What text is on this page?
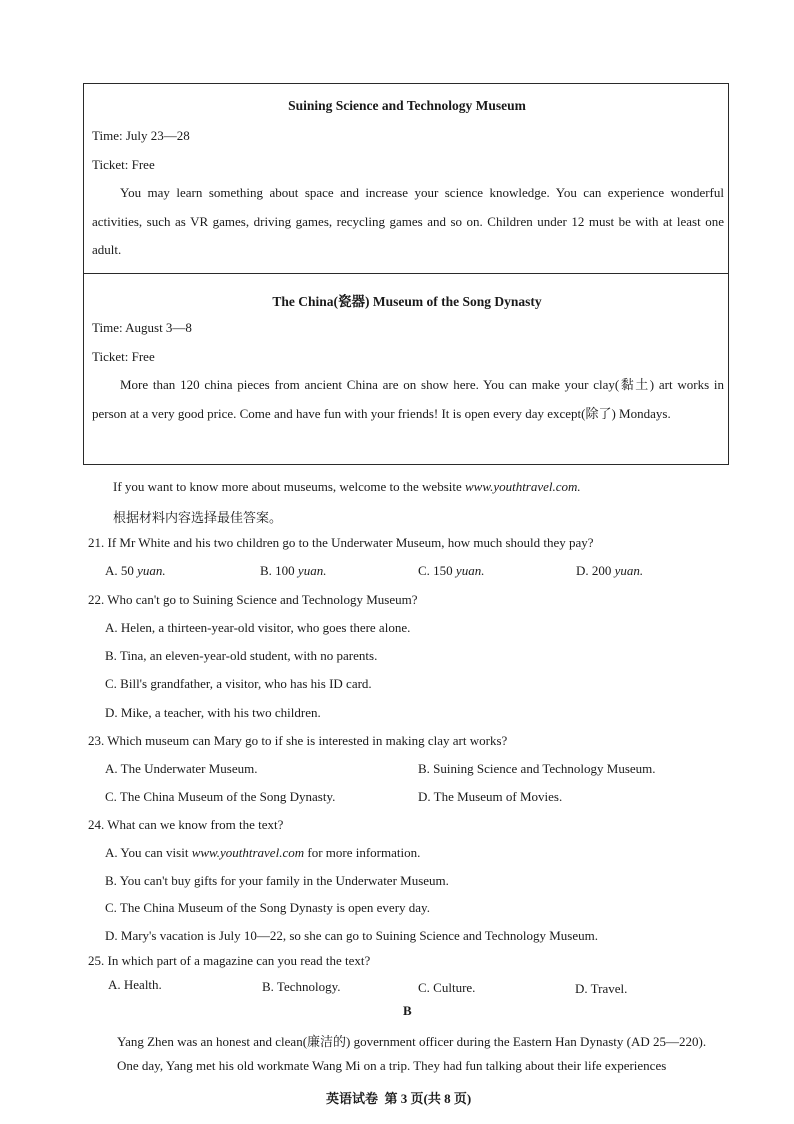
Suining Science and Technology Museum
Time: July 23—28
Ticket: Free
You may learn something about space and increase your science knowledge. You can experience wonderful activities, such as VR games, driving games, recycling games and so on. Children under 12 must be with at least one adult.
The China(瓷器) Museum of the Song Dynasty
Time: August 3—8
Ticket: Free
More than 120 china pieces from ancient China are on show here. You can make your clay(黏土) art works in person at a very good price. Come and have fun with your friends! It is open every day except(除了) Mondays.
If you want to know more about museums, welcome to the website www.youthtravel.com.
根据材料内容选择最佳答案。
21. If Mr White and his two children go to the Underwater Museum, how much should they pay?
A. 50 yuan.	B. 100 yuan.	C. 150 yuan.	D. 200 yuan.
22. Who can't go to Suining Science and Technology Museum?
A. Helen, a thirteen-year-old visitor, who goes there alone.
B. Tina, an eleven-year-old student, with no parents.
C. Bill's grandfather, a visitor, who has his ID card.
D. Mike, a teacher, with his two children.
23. Which museum can Mary go to if she is interested in making clay art works?
A. The Underwater Museum.	B. Suining Science and Technology Museum.
C. The China Museum of the Song Dynasty.	D. The Museum of Movies.
24. What can we know from the text?
A. You can visit www.youthtravel.com for more information.
B. You can't buy gifts for your family in the Underwater Museum.
C. The China Museum of the Song Dynasty is open every day.
D. Mary's vacation is July 10—22, so she can go to Suining Science and Technology Museum.
25. In which part of a magazine can you read the text?
A. Health.	B. Technology.	C. Culture.	D. Travel.
B
Yang Zhen was an honest and clean(廉洁的) government officer during the Eastern Han Dynasty (AD 25—220).
One day, Yang met his old workmate Wang Mi on a trip. They had fun talking about their life experiences
英语试卷  第 3 页(共 8 页)
